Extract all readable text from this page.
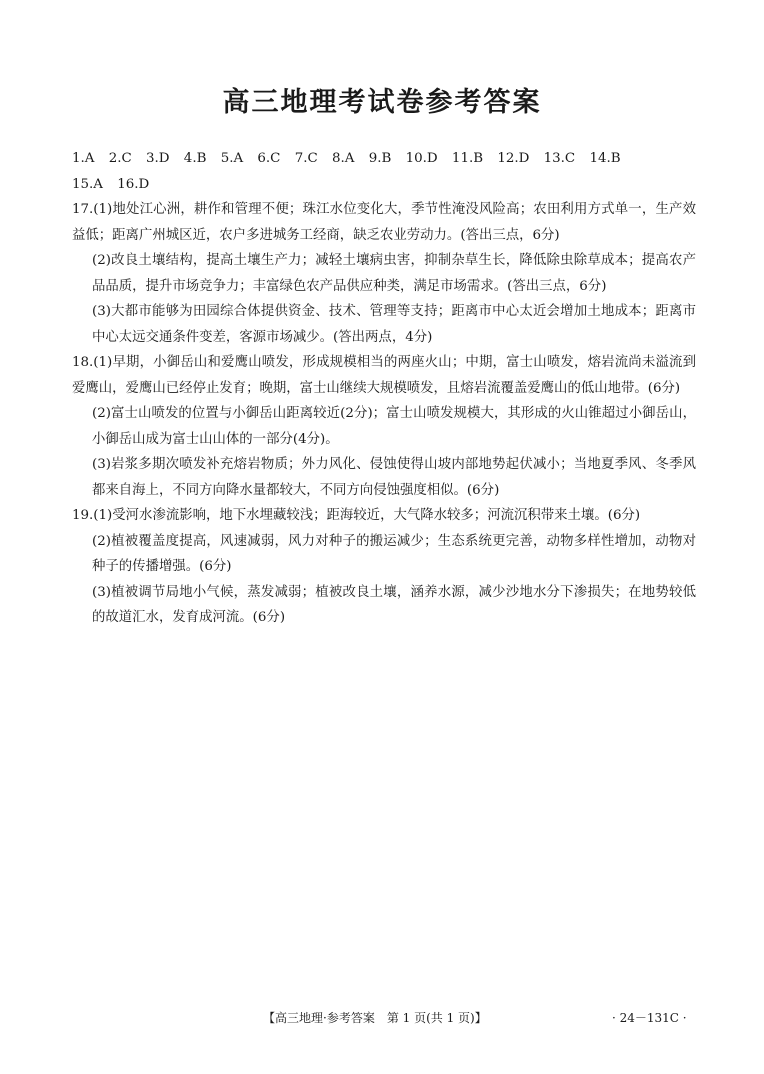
高三地理考试卷参考答案
1.A 2.C 3.D 4.B 5.A 6.C 7.C 8.A 9.B 10.D 11.B 12.D 13.C 14.B
15.A 16.D

17.(1)地处江心洲，耕作和管理不便；珠江水位变化大，季节性淹没风险高；农田利用方式单一，生产效益低；距离广州城区近，农户多进城务工经商，缺乏农业劳动力。(答出三点，6分)

(2)改良土壤结构，提高土壤生产力；减轻土壤病虫害，抑制杂草生长，降低除虫除草成本；提高农产品品质，提升市场竞争力；丰富绿色农产品供应种类，满足市场需求。(答出三点，6分)

(3)大都市能够为田园综合体提供资金、技术、管理等支持；距离市中心太近会增加土地成本；距离市中心太远交通条件变差，客源市场减少。(答出两点，4分)

18.(1)早期，小御岳山和爱鹰山喷发，形成规模相当的两座火山；中期，富士山喷发，熔岩流尚未溢流到爱鹰山，爱鹰山已经停止发育；晚期，富士山继续大规模喷发，且熔岩流覆盖爱鹰山的低山地带。(6分)

(2)富士山喷发的位置与小御岳山距离较近(2分)；富士山喷发规模大，其形成的火山锥超过小御岳山，小御岳山成为富士山山体的一部分(4分)。

(3)岩浆多期次喷发补充熔岩物质；外力风化、侵蚀使得山坡内部地势起伏减小；当地夏季风、冬季风都来自海上，不同方向降水量都较大，不同方向侵蚀强度相似。(6分)

19.(1)受河水渗流影响，地下水埋藏较浅；距海较近，大气降水较多；河流沉积带来土壤。(6分)

(2)植被覆盖度提高，风速减弱，风力对种子的搬运减少；生态系统更完善，动物多样性增加，动物对种子的传播增强。(6分)

(3)植被调节局地小气候，蒸发减弱；植被改良土壤，涵养水源，减少沙地水分下渗损失；在地势较低的故道汇水，发育成河流。(6分)

【高三地理·参考答案　第 1 页(共 1 页)】	· 24－131C ·
